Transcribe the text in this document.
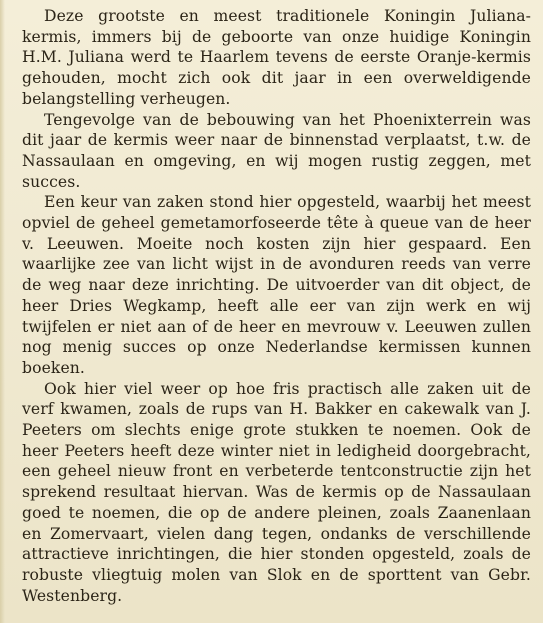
Deze grootste en meest traditionele Koningin Juliana-kermis, immers bij de geboorte van onze huidige Koningin H.M. Juliana werd te Haarlem tevens de eerste Oranje-kermis gehouden, mocht zich ook dit jaar in een overweldigende belangstelling verheugen.

Tengevolge van de bebouwing van het Phoenixterrein was dit jaar de kermis weer naar de binnenstad verplaatst, t.w. de Nassaulaan en omgeving, en wij mogen rustig zeggen, met succes.

Een keur van zaken stond hier opgesteld, waarbij het meest opviel de geheel gemetamorfoseerde tête à queue van de heer v. Leeuwen. Moeite noch kosten zijn hier gespaard. Een waarlijke zee van licht wijst in de avonduren reeds van verre de weg naar deze inrichting. De uitvoerder van dit object, de heer Dries Wegkamp, heeft alle eer van zijn werk en wij twijfelen er niet aan of de heer en mevrouw v. Leeuwen zullen nog menig succes op onze Nederlandse kermissen kunnen boeken.

Ook hier viel weer op hoe fris practisch alle zaken uit de verf kwamen, zoals de rups van H. Bakker en cakewalk van J. Peeters om slechts enige grote stukken te noemen. Ook de heer Peeters heeft deze winter niet in ledigheid doorgebracht, een geheel nieuw front en verbeterde tentconstructie zijn het sprekend resultaat hiervan. Was de kermis op de Nassaulaan goed te noemen, die op de andere pleinen, zoals Zaanenlaan en Zomervaart, vielen dang tegen, ondanks de verschillende attractieve inrichtingen, die hier stonden opgesteld, zoals de robuste vliegtuig molen van Slok en de sporttent van Gebr. Westenberg.
